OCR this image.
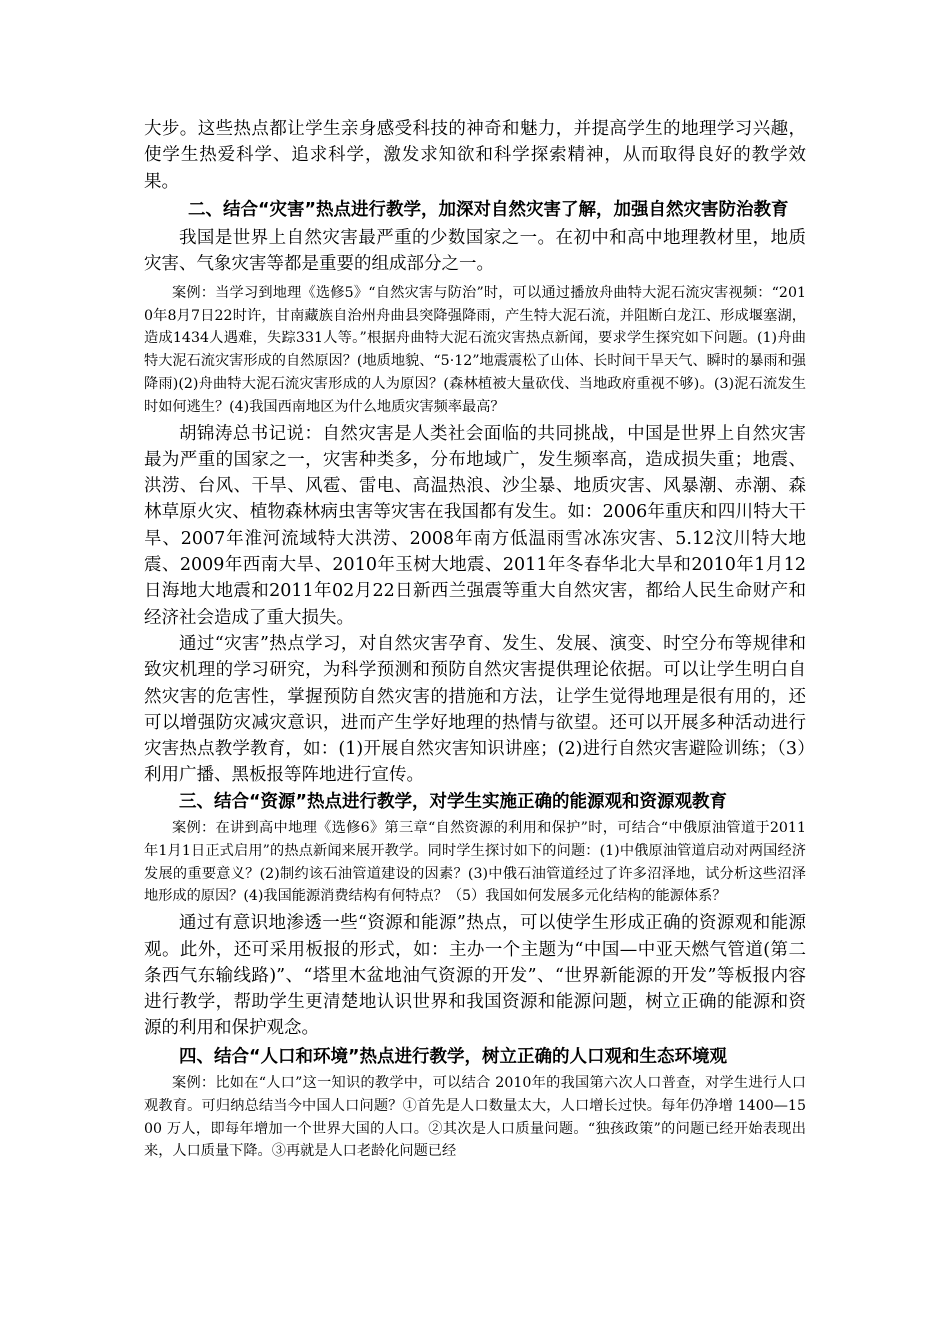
大步。这些热点都让学生亲身感受科技的神奇和魅力，并提高学生的地理学习兴趣，使学生热爱科学、追求科学，激发求知欲和科学探索精神，从而取得良好的教学效果。

二、结合“灾害”热点进行教学，加深对自然灾害了解，加强自然灾害防治教育

我国是世界上自然灾害最严重的少数国家之一。在初中和高中地理教材里，地质灾害、气象灾害等都是重要的组成部分之一。

案例：当学习到地理《选修5》“自然灾害与防治”时，可以通过播放舟曲特大泥石流灾害视频：“2010年8月7日22时许，甘南藏族自治州舟曲县突降强降雨，产生特大泥石流，并阻断白龙江、形成堰塞湖，造成1434人遇难，失踪331人等。”根据舟曲特大泥石流灾害热点新闻，要求学生探究如下问题。(1)舟曲特大泥石流灾害形成的自然原因？(地质地貌、“5·12”地震震松了山体、长时间干旱天气、瞬时的暴雨和强降雨)(2)舟曲特大泥石流灾害形成的人为原因？(森林植被大量砍伐、当地政府重视不够)。(3)泥石流发生时如何逃生？(4)我国西南地区为什么地质灾害频率最高？

胡锦涛总书记说：自然灾害是人类社会面临的共同挑战，中国是世界上自然灾害最为严重的国家之一，灾害种类多，分布地域广，发生频率高，造成损失重；地震、洪涝、台风、干旱、风雹、雷电、高温热浪、沙尘暴、地质灾害、风暴潮、赤潮、森林草原火灾、植物森林病虫害等灾害在我国都有发生。如：2006年重庆和四川特大干旱、2007年淮河流域特大洪涝、2008年南方低温雨雪冰冻灾害、5.12汶川特大地震、2009年西南大旱、2010年玉树大地震、2011年冬春华北大旱和2010年1月12日海地大地震和2011年02月22日新西兰强震等重大自然灾害，都给人民生命财产和经济社会造成了重大损失。

通过“灾害”热点学习，对自然灾害孕育、发生、发展、演变、时空分布等规律和致灾机理的学习研究，为科学预测和预防自然灾害提供理论依据。可以让学生明白自然灾害的危害性，掌握预防自然灾害的措施和方法，让学生觉得地理是很有用的，还可以增强防灾减灾意识，进而产生学好地理的热情与欲望。还可以开展多种活动进行灾害热点教学教育，如：(1)开展自然灾害知识讲座；(2)进行自然灾害避险训练；（3）利用广播、黑板报等阵地进行宣传。

三、结合“资源”热点进行教学，对学生实施正确的能源观和资源观教育

案例：在讲到高中地理《选修6》第三章“自然资源的利用和保护”时，可结合“中俄原油管道于2011年1月1日正式启用”的热点新闻来展开教学。同时学生探讨如下的问题：(1)中俄原油管道启动对两国经济发展的重要意义？(2)制约该石油管道建设的因素？(3)中俄石油管道经过了许多沼泽地，试分析这些沼泽地形成的原因？(4)我国能源消费结构有何特点？（5）我国如何发展多元化结构的能源体系？

通过有意识地渗透一些“资源和能源”热点，可以使学生形成正确的资源观和能源观。此外，还可采用板报的形式，如：主办一个主题为“中国—中亚天燃气管道(第二条西气东输线路)”、“塔里木盆地油气资源的开发”、“世界新能源的开发”等板报内容进行教学，帮助学生更清楚地认识世界和我国资源和能源问题，树立正确的能源和资源的利用和保护观念。

四、结合“人口和环境”热点进行教学，树立正确的人口观和生态环境观

案例：比如在“人口”这一知识的教学中，可以结合 2010年的我国第六次人口普查，对学生进行人口观教育。可归纳总结当今中国人口问题？①首先是人口数量太大，人口增长过快。每年仍净增 1400—1500 万人，即每年增加一个世界大国的人口。②其次是人口质量问题。“独孩政策”的问题已经开始表现出来，人口质量下降。③再就是人口老龄化问题已经
